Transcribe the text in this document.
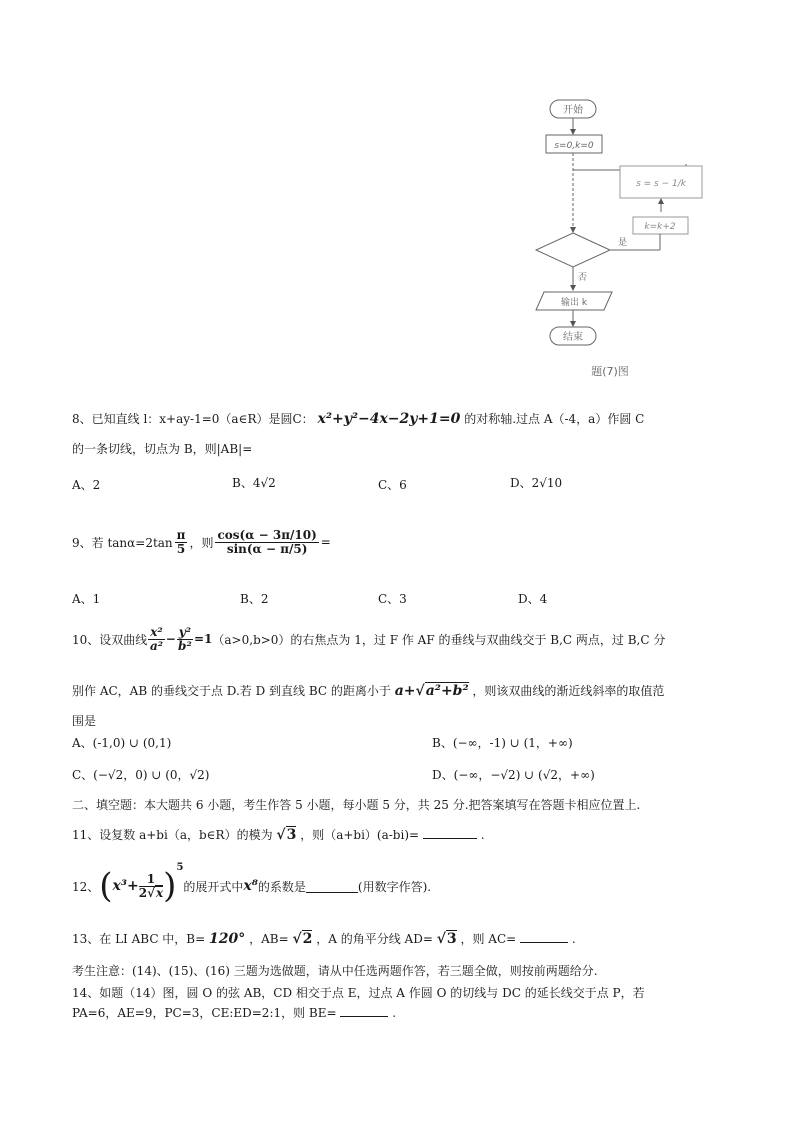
开始
s=0,k=0
s = s − 1/k
k=k+2
是
否
输出 k
结束
题(7)图
8、已知直线 l：x+ay-1=0（a∈R）是圆C： x²+y²−4x−2y+1=0 的对称轴.过点 A（-4，a）作圆 C
的一条切线，切点为 B，则|AB|=
A、2	B、4√2	C、6	D、2√10
9、若 $\tan\alpha=2\tan \frac{\pi}{5}$ ，则 $\frac{\cos(\alpha - 3\pi/10)}{\sin(\alpha - \pi/5)}$ =
A、1	B、2	C、3	D、4
10、设双曲线 $\frac{\text{x²}}{\text{a²}} - \frac{\text{y²}}{\text{b²}} =1$ （a>0,b>0）的右焦点为 1，过 F 作 AF 的垂线与双曲线交于 B,C 两点，过 B,C 分
别作 AC，AB 的垂线交于点 D.若 D 到直线 BC 的距离小于 a+√a²+b² ，则该双曲线的渐近线斜率的取值范
围是
A、(-1,0) ∪ (0,1)	B、(−∞，-1) ∪ (1，+∞)
C、(−√2，0) ∪ (0，√2)	D、(−∞，−√2) ∪ (√2，+∞)
二、填空题：本大题共 6 小题，考生作答 5 小题，每小题 5 分，共 25 分.把答案填写在答题卡相应位置上.
11、设复数 a+bi（a，b∈R）的模为 √3 ，则（a+bi）(a-bi)=	.
12、 ( $x^3+ \frac{1}{2√x}$ ) 5
的展开式中 x⁸ 的系数是	(用数字作答).
13、在 LI ABC 中，B= 120° ，AB= √2 ，A 的角平分线 AD= √3 ，则 AC=	.
考生注意：(14)、(15)、(16) 三题为选做题，请从中任选两题作答，若三题全做，则按前两题给分.
14、如题（14）图，圆 O 的弦 AB，CD 相交于点 E，过点 A 作圆 O 的切线与 DC 的延长线交于点 P，若
PA=6，AE=9，PC=3，CE:ED=2:1，则 BE=	.
